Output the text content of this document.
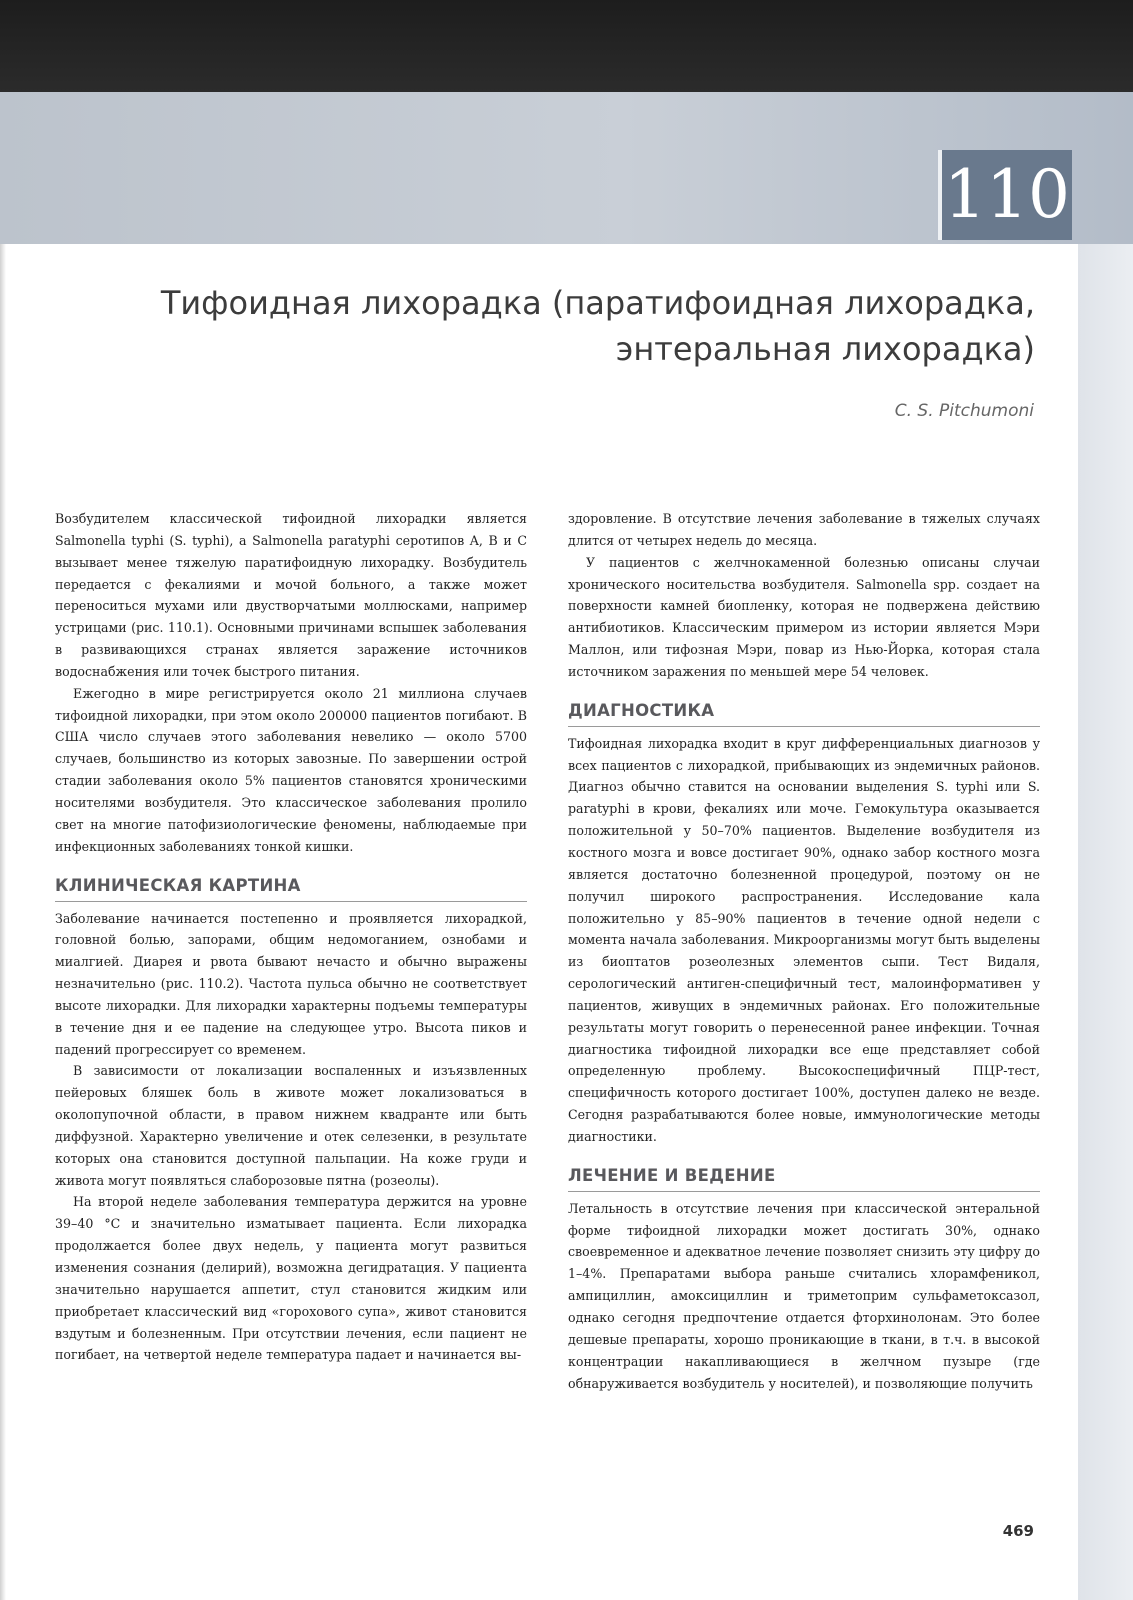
110
Тифоидная лихорадка (паратифоидная лихорадка,
энтеральная лихорадка)
C. S. Pitchumoni

Возбудителем классической тифоидной лихорадки является Salmonella typhi (S. typhi), а Salmonella paratyphi серотипов A, B и C вызывает менее тяжелую паратифоидную лихорадку. Возбудитель передается с фекалиями и мочой больного, а также может переноситься мухами или двустворчатыми моллюсками, например устрицами (рис. 110.1). Основными причинами вспышек заболевания в развивающихся странах является заражение источников водоснабжения или точек быстрого питания.

Ежегодно в мире регистрируется около 21 миллиона случаев тифоидной лихорадки, при этом около 200000 пациентов погибают. В США число случаев этого заболевания невелико — около 5700 случаев, большинство из которых завозные. По завершении острой стадии заболевания около 5% пациентов становятся хроническими носителями возбудителя. Это классическое заболевания пролило свет на многие патофизиологические феномены, наблюдаемые при инфекционных заболеваниях тонкой кишки.

КЛИНИЧЕСКАЯ КАРТИНА

Заболевание начинается постепенно и проявляется лихорадкой, головной болью, запорами, общим недомоганием, ознобами и миалгией. Диарея и рвота бывают нечасто и обычно выражены незначительно (рис. 110.2). Частота пульса обычно не соответствует высоте лихорадки. Для лихорадки характерны подъемы температуры в течение дня и ее падение на следующее утро. Высота пиков и падений прогрессирует со временем.

В зависимости от локализации воспаленных и изъязвленных пейеровых бляшек боль в животе может локализоваться в околопупочной области, в правом нижнем квадранте или быть диффузной. Характерно увеличение и отек селезенки, в результате которых она становится доступной пальпации. На коже груди и живота могут появляться слаборозовые пятна (розеолы).

На второй неделе заболевания температура держится на уровне 39–40 °C и значительно изматывает пациента. Если лихорадка продолжается более двух недель, у пациента могут развиться изменения сознания (делирий), возможна дегидратация. У пациента значительно нарушается аппетит, стул становится жидким или приобретает классический вид «горохового супа», живот становится вздутым и болезненным. При отсутствии лечения, если пациент не погибает, на четвертой неделе температура падает и начинается вы-

здоровление. В отсутствие лечения заболевание в тяжелых случаях длится от четырех недель до месяца.

У пациентов с желчнокаменной болезнью описаны случаи хронического носительства возбудителя. Salmonella spp. создает на поверхности камней биопленку, которая не подвержена действию антибиотиков. Классическим примером из истории является Мэри Маллон, или тифозная Мэри, повар из Нью-Йорка, которая стала источником заражения по меньшей мере 54 человек.

ДИАГНОСТИКА

Тифоидная лихорадка входит в круг дифференциальных диагнозов у всех пациентов с лихорадкой, прибывающих из эндемичных районов. Диагноз обычно ставится на основании выделения S. typhi или S. paratyphi в крови, фекалиях или моче. Гемокультура оказывается положительной у 50–70% пациентов. Выделение возбудителя из костного мозга и вовсе достигает 90%, однако забор костного мозга является достаточно болезненной процедурой, поэтому он не получил широкого распространения. Исследование кала положительно у 85–90% пациентов в течение одной недели с момента начала заболевания. Микроорганизмы могут быть выделены из биоптатов розеолезных элементов сыпи. Тест Видаля, серологический антиген-специфичный тест, малоинформативен у пациентов, живущих в эндемичных районах. Его положительные результаты могут говорить о перенесенной ранее инфекции. Точная диагностика тифоидной лихорадки все еще представляет собой определенную проблему. Высокоспецифичный ПЦР-тест, специфичность которого достигает 100%, доступен далеко не везде. Сегодня разрабатываются более новые, иммунологические методы диагностики.

ЛЕЧЕНИЕ И ВЕДЕНИЕ

Летальность в отсутствие лечения при классической энтеральной форме тифоидной лихорадки может достигать 30%, однако своевременное и адекватное лечение позволяет снизить эту цифру до 1–4%. Препаратами выбора раньше считались хлорамфеникол, ампициллин, амоксициллин и триметоприм сульфаметоксазол, однако сегодня предпочтение отдается фторхинолонам. Это более дешевые препараты, хорошо проникающие в ткани, в т.ч. в высокой концентрации накапливающиеся в желчном пузыре (где обнаруживается возбудитель у носителей), и позволяющие получить

469
